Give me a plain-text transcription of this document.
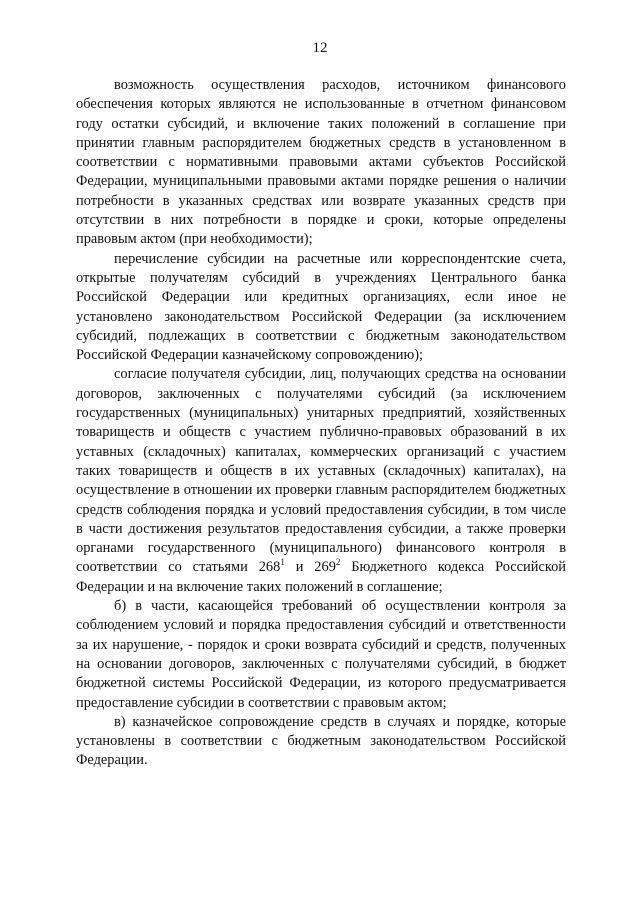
12

возможность осуществления расходов, источником финансового обеспечения которых являются не использованные в отчетном финансовом году остатки субсидий, и включение таких положений в соглашение при принятии главным распорядителем бюджетных средств в установленном в соответствии с нормативными правовыми актами субъектов Российской Федерации, муниципальными правовыми актами порядке решения о наличии потребности в указанных средствах или возврате указанных средств при отсутствии в них потребности в порядке и сроки, которые определены правовым актом (при необходимости);

перечисление субсидии на расчетные или корреспондентские счета, открытые получателям субсидий в учреждениях Центрального банка Российской Федерации или кредитных организациях, если иное не установлено законодательством Российской Федерации (за исключением субсидий, подлежащих в соответствии с бюджетным законодательством Российской Федерации казначейскому сопровождению);

согласие получателя субсидии, лиц, получающих средства на основании договоров, заключенных с получателями субсидий (за исключением государственных (муниципальных) унитарных предприятий, хозяйственных товариществ и обществ с участием публично-правовых образований в их уставных (складочных) капиталах, коммерческих организаций с участием таких товариществ и обществ в их уставных (складочных) капиталах), на осуществление в отношении их проверки главным распорядителем бюджетных средств соблюдения порядка и условий предоставления субсидии, в том числе в части достижения результатов предоставления субсидии, а также проверки органами государственного (муниципального) финансового контроля в соответствии со статьями $268^1$ и $269^2$ Бюджетного кодекса Российской Федерации и на включение таких положений в соглашение;

б) в части, касающейся требований об осуществлении контроля за соблюдением условий и порядка предоставления субсидий и ответственности за их нарушение, - порядок и сроки возврата субсидий и средств, полученных на основании договоров, заключенных с получателями субсидий, в бюджет бюджетной системы Российской Федерации, из которого предусматривается предоставление субсидии в соответствии с правовым актом;

в) казначейское сопровождение средств в случаях и порядке, которые установлены в соответствии с бюджетным законодательством Российской Федерации.
